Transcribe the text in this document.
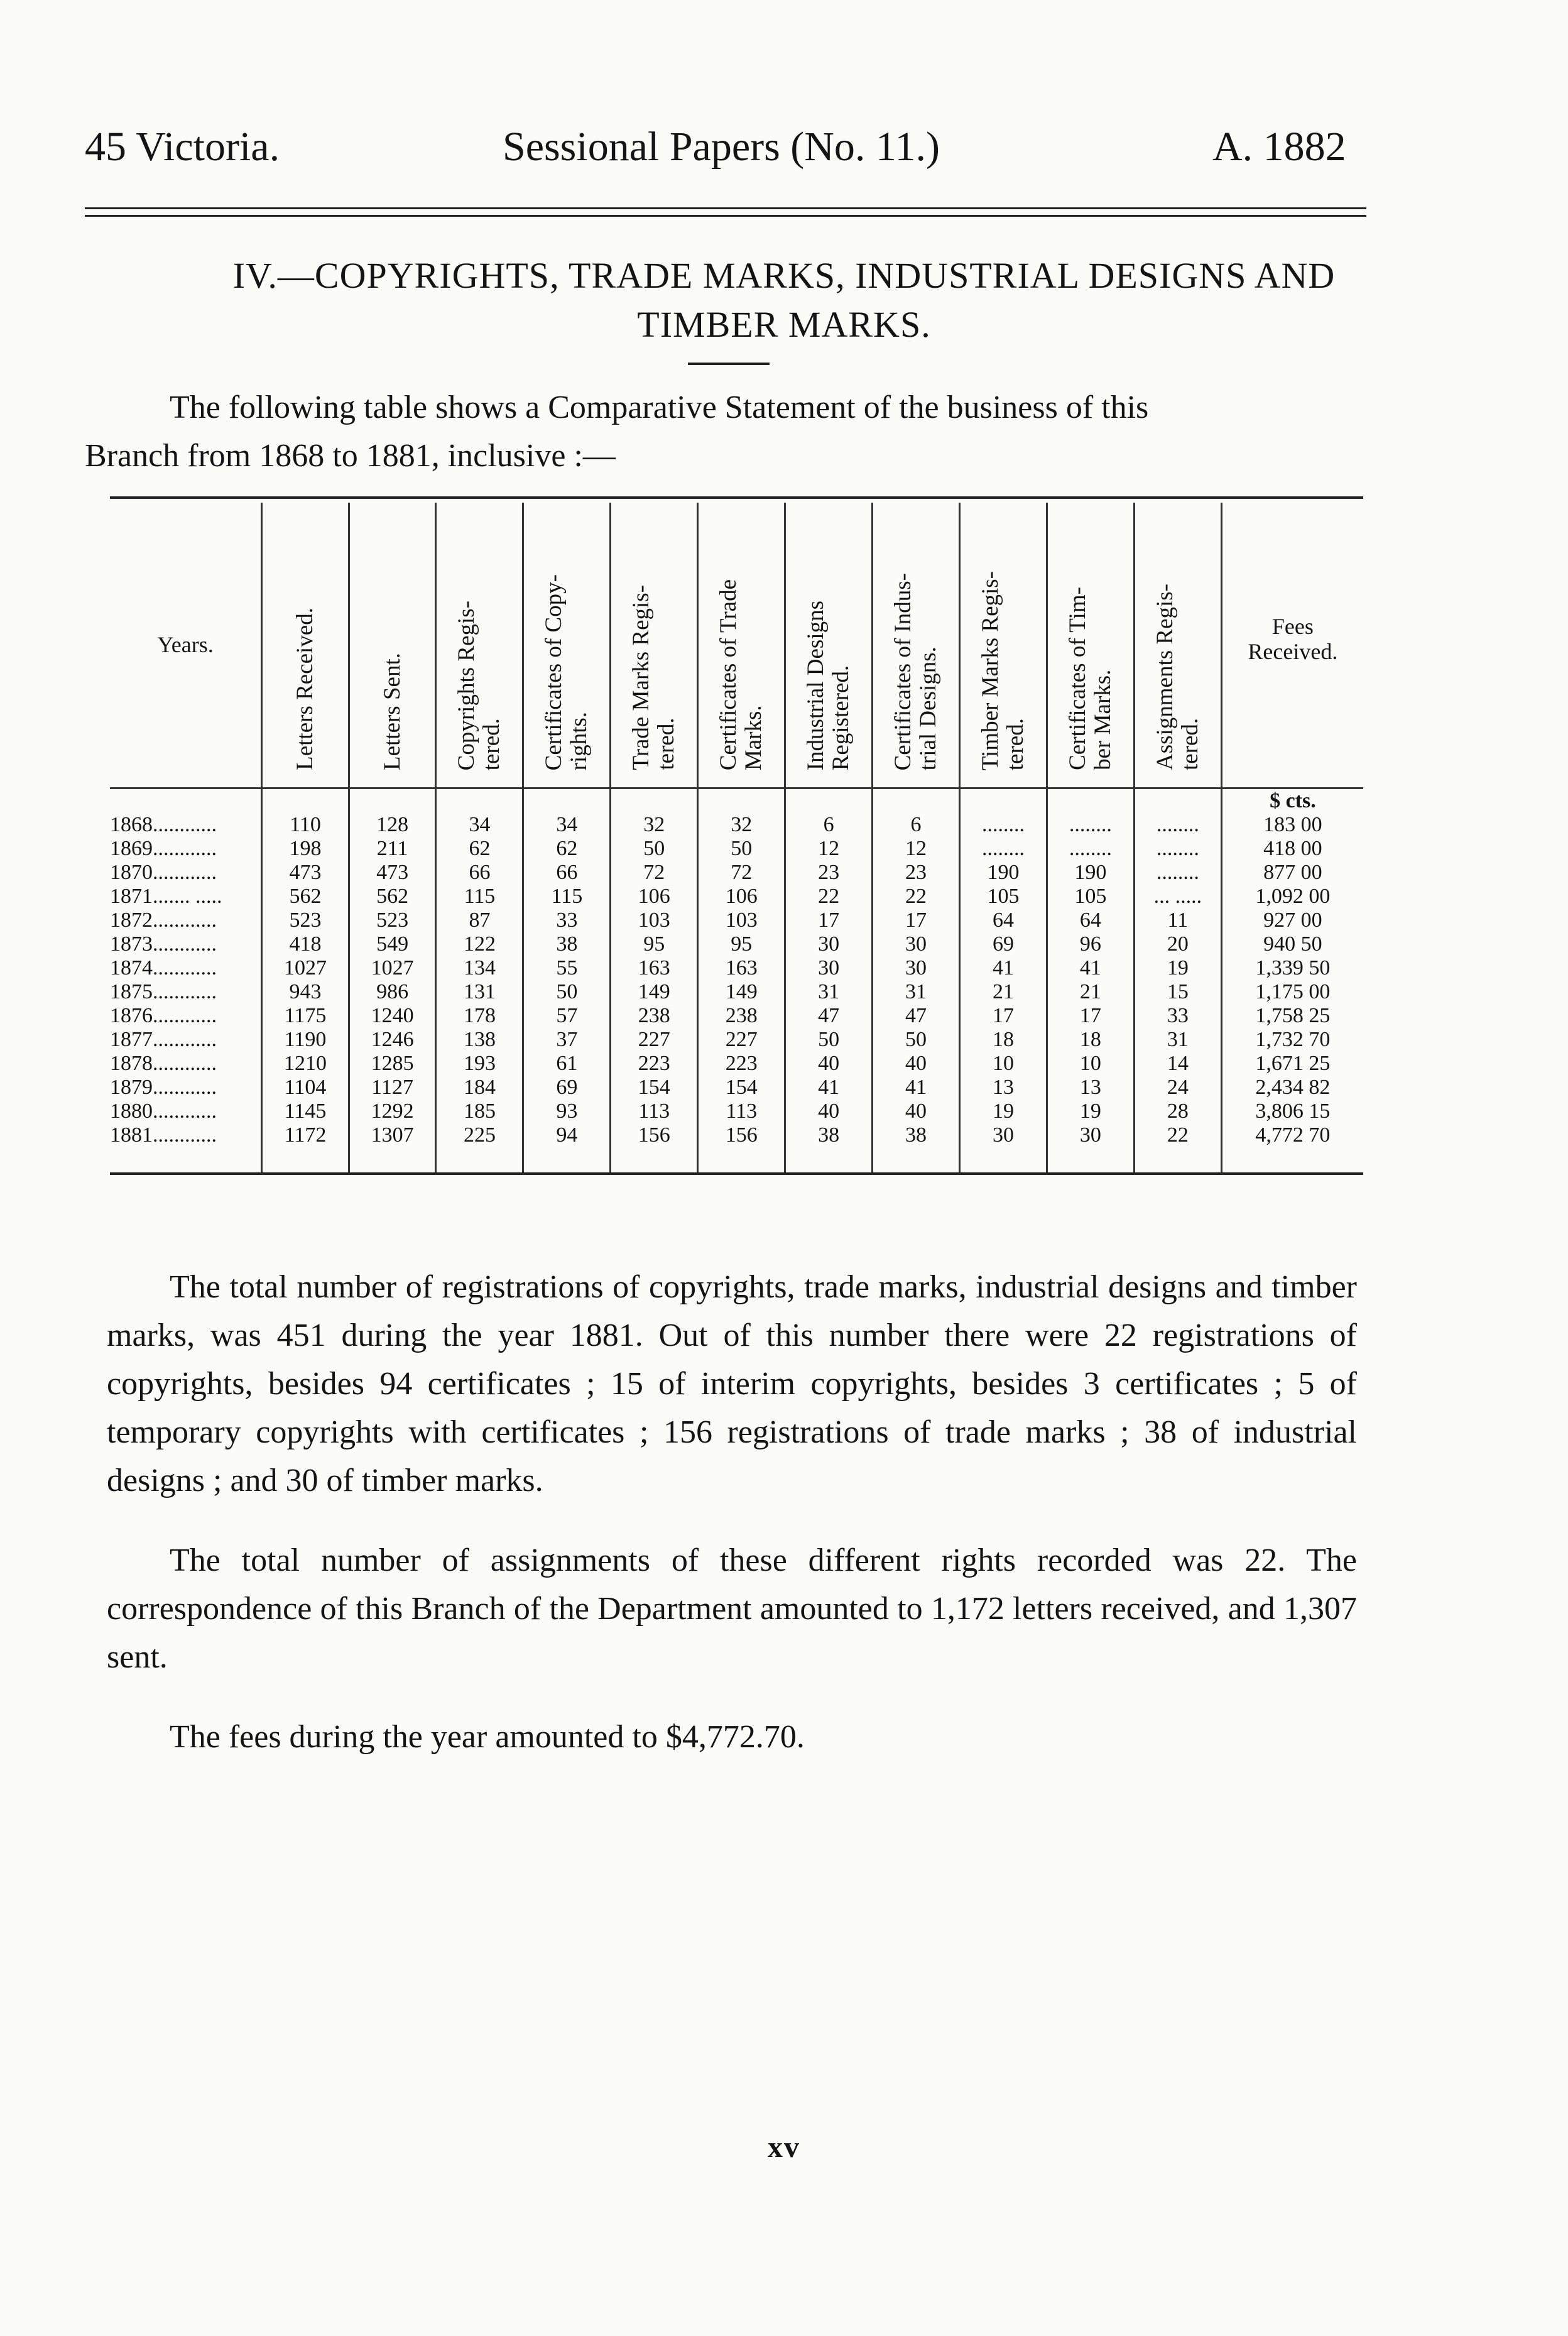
45 Victoria.	Sessional Papers (No. 11.)	A. 1882
IV.—COPYRIGHTS, TRADE MARKS, INDUSTRIAL DESIGNS AND
TIMBER MARKS.
The following table shows a Comparative Statement of the business of this
Branch from 1868 to 1881, inclusive :—
Years.	Letters Received.	Letters Sent.	Copyrights Regis- tered.	Certificates of Copy- rights.	Trade Marks Regis- tered.	Certificates of Trade Marks.	Industrial Designs Registered.	Certificates of Indus- trial Designs.	Timber Marks Regis- tered.	Certificates of Tim- ber Marks.	Assignments Regis- tered.	Fees
Received.

												$ cts.
1868............	110	128	34	34	32	32	6	6	........	........	........	183 00
1869............	198	211	62	62	50	50	12	12	........	........	........	418 00
1870............	473	473	66	66	72	72	23	23	190	190	........	877 00
1871....... .....	562	562	115	115	106	106	22	22	105	105	... .....	1,092 00
1872............	523	523	87	33	103	103	17	17	64	64	11	927 00
1873............	418	549	122	38	95	95	30	30	69	96	20	940 50
1874............	1027	1027	134	55	163	163	30	30	41	41	19	1,339 50
1875............	943	986	131	50	149	149	31	31	21	21	15	1,175 00
1876............	1175	1240	178	57	238	238	47	47	17	17	33	1,758 25
1877............	1190	1246	138	37	227	227	50	50	18	18	31	1,732 70
1878............	1210	1285	193	61	223	223	40	40	10	10	14	1,671 25
1879............	1104	1127	184	69	154	154	41	41	13	13	24	2,434 82
1880............	1145	1292	185	93	113	113	40	40	19	19	28	3,806 15
1881............	1172	1307	225	94	156	156	38	38	30	30	22	4,772 70

The total number of registrations of copyrights, trade marks, industrial designs and timber marks, was 451 during the year 1881. Out of this number there were 22 registrations of copyrights, besides 94 certificates ; 15 of interim copyrights, besides 3 certificates ; 5 of temporary copyrights with certificates ; 156 registrations of trade marks ; 38 of industrial designs ; and 30 of timber marks.

The total number of assignments of these different rights recorded was 22. The correspondence of this Branch of the Department amounted to 1,172 letters received, and 1,307 sent.

The fees during the year amounted to $4,772.70.

xv
